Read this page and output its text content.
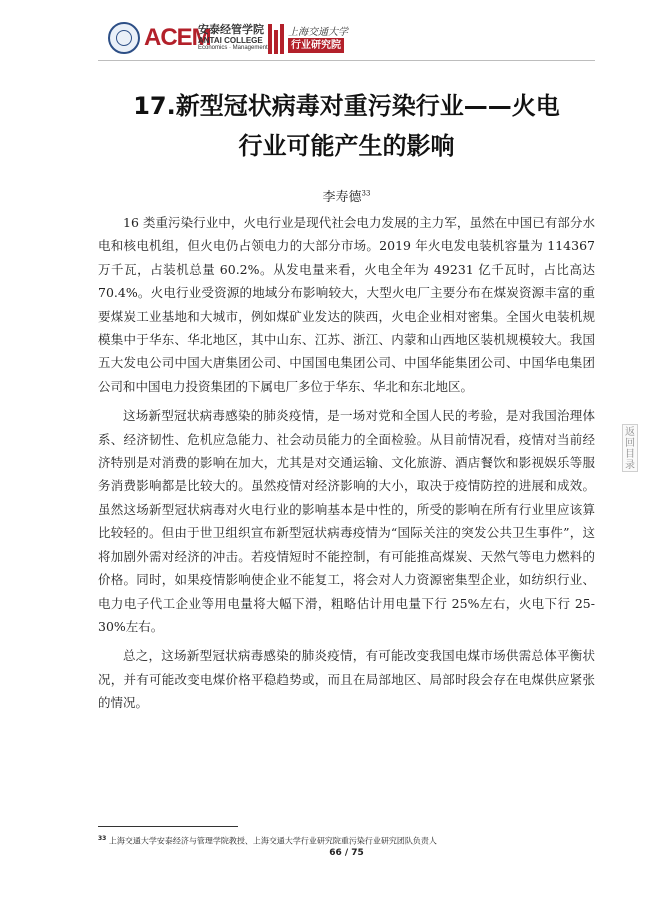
ACEM
安泰经管学院
ANTAI COLLEGE
Economics · Management
上海交通大学
行业研究院
17.新型冠状病毒对重污染行业——火电
行业可能产生的影响
李寿德$^{33}$

16 类重污染行业中，火电行业是现代社会电力发展的主力军，虽然在中国已有部分水电和核电机组，但火电仍占领电力的大部分市场。2019 年火电发电装机容量为 114367 万千瓦，占装机总量 60.2%。从发电量来看，火电全年为 49231 亿千瓦时，占比高达 70.4%。火电行业受资源的地域分布影响较大，大型火电厂主要分布在煤炭资源丰富的重要煤炭工业基地和大城市，例如煤矿业发达的陕西，火电企业相对密集。全国火电装机规模集中于华东、华北地区，其中山东、江苏、浙江、内蒙和山西地区装机规模较大。我国五大发电公司中国大唐集团公司、中国国电集团公司、中国华能集团公司、中国华电集团公司和中国电力投资集团的下属电厂多位于华东、华北和东北地区。

这场新型冠状病毒感染的肺炎疫情，是一场对党和全国人民的考验，是对我国治理体系、经济韧性、危机应急能力、社会动员能力的全面检验。从目前情况看，疫情对当前经济特别是对消费的影响在加大，尤其是对交通运输、文化旅游、酒店餐饮和影视娱乐等服务消费影响都是比较大的。虽然疫情对经济影响的大小，取决于疫情防控的进展和成效。虽然这场新型冠状病毒对火电行业的影响基本是中性的，所受的影响在所有行业里应该算比较轻的。但由于世卫组织宣布新型冠状病毒疫情为“国际关注的突发公共卫生事件”，这将加剧外需对经济的冲击。若疫情短时不能控制，有可能推高煤炭、天然气等电力燃料的价格。同时，如果疫情影响使企业不能复工，将会对人力资源密集型企业，如纺织行业、电力电子代工企业等用电量将大幅下滑，粗略估计用电量下行 25%左右，火电下行 25-30%左右。

总之，这场新型冠状病毒感染的肺炎疫情，有可能改变我国电煤市场供需总体平衡状况，并有可能改变电煤价格平稳趋势或，而且在局部地区、局部时段会存在电煤供应紧张的情况。

$^{33}$ 上海交通大学安泰经济与管理学院教授、上海交通大学行业研究院重污染行业研究团队负责人
66 / 75
返回目录
